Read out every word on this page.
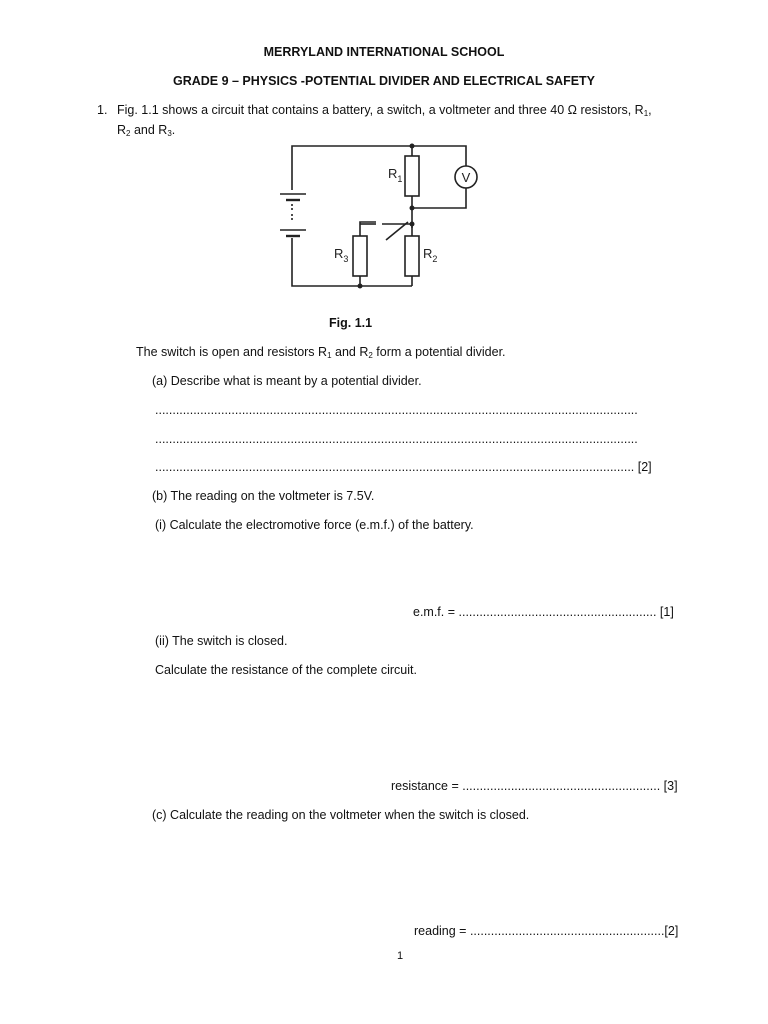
MERRYLAND INTERNATIONAL SCHOOL
GRADE 9 – PHYSICS -POTENTIAL DIVIDER AND ELECTRICAL SAFETY
1. Fig. 1.1 shows a circuit that contains a battery, a switch, a voltmeter and three 40 Ω resistors, $R_1$,
$R_2$ and $R_3$.
V
$R_1$
$R_2$
$R_3$
Fig. 1.1
The switch is open and resistors $R_1$ and $R_2$ form a potential divider.
(a) Describe what is meant by a potential divider.
...........................................................................................................................................
...........................................................................................................................................
.......................................................................................................................................... [2]
(b) The reading on the voltmeter is 7.5V.
(i) Calculate the electromotive force (e.m.f.) of the battery.
e.m.f. = ......................................................... [1]
(ii) The switch is closed.
Calculate the resistance of the complete circuit.
resistance = ......................................................... [3]
(c) Calculate the reading on the voltmeter when the switch is closed.
reading = ........................................................[2]
1
